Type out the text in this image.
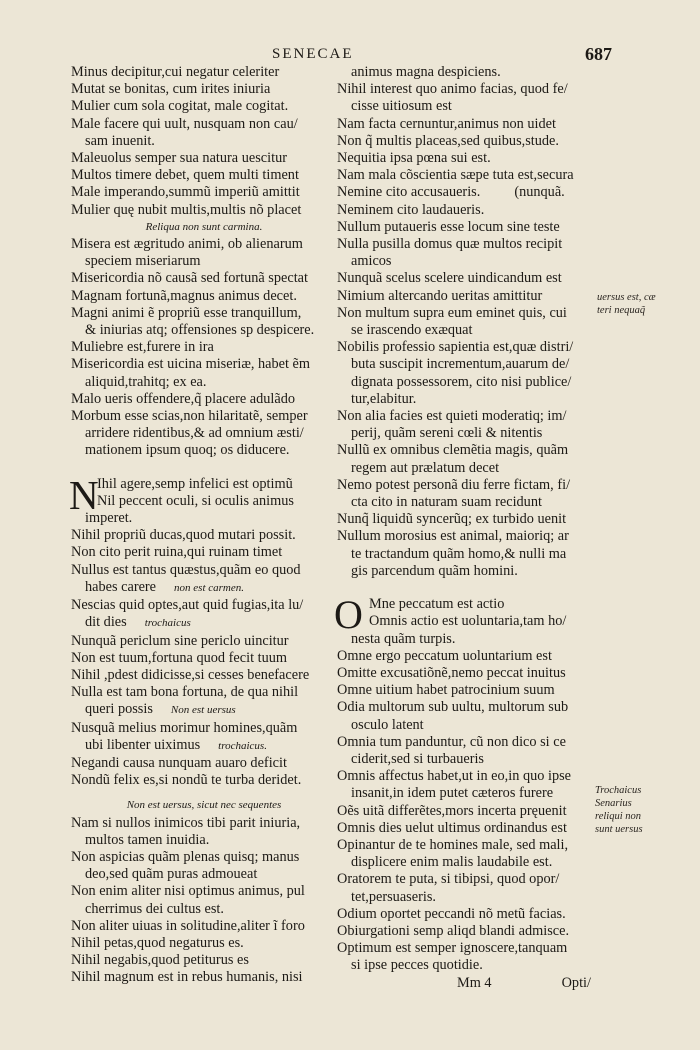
SENECAE	687
Minus decipitur,cui negatur celeriter
Mutat se bonitas, cum irites iniuria
Mulier cum sola cogitat, male cogitat.
Male facere qui uult, nusquam non cau/
sam inuenit.
Maleuolus semper sua natura uescitur
Multos timere debet, quem multi timent
Male imperando,summũ imperiũ amittit
Mulier quę nubit multis,multis nõ placet
Reliqua non sunt carmina.
Misera est ægritudo animi, ob alienarum
speciem miseriarum
Misericordia nõ causã sed fortunã spectat
Magnam fortunã,magnus animus decet.
Magni animi ẽ propriũ esse tranquillum,
& iniurias atq; offensiones sp despicere.
Muliebre est,furere in ira
Misericordia est uicina miseriæ, habet ẽm
aliquid,trahitq; ex ea.
Malo ueris offendere,q̃ placere adulãdo
Morbum esse scias,non hilaritatẽ, semper
arridere ridentibus,& ad omnium æsti/
mationem ipsum quoq; os diducere.
N
Ihil agere,semp infelici est optimũ
Nil peccent oculi, si oculis animus
imperet.
Nihil propriũ ducas,quod mutari possit.
Non cito perit ruina,qui ruinam timet
Nullus est tantus quæstus,quãm eo quod
habes carere non est carmen.
Nescias quid optes,aut quid fugias,ita lu/
dit dies trochaicus
Nunquã periclum sine periclo uincitur
Non est tuum,fortuna quod fecit tuum
Nihil ,pdest didicisse,si cesses benefacere
Nulla est tam bona fortuna, de qua nihil
queri possis Non est uersus
Nusquã melius morimur homines,quãm
ubi libenter uiximus trochaicus.
Negandi causa nunquam auaro deficit
Nondũ felix es,si nondũ te turba deridet.
Non est uersus, sicut nec sequentes
Nam si nullos inimicos tibi parit iniuria,
multos tamen inuidia.
Non aspicias quãm plenas quisq; manus
deo,sed quãm puras admoueat
Non enim aliter nisi optimus animus, pul
cherrimus dei cultus est.
Non aliter uiuas in solitudine,aliter ĩ foro
Nihil petas,quod negaturus es.
Nihil negabis,quod petiturus es
Nihil magnum est in rebus humanis, nisi
animus magna despiciens.
Nihil interest quo animo facias, quod fe/
cisse uitiosum est
Nam facta cernuntur,animus non uidet
Non q̃ multis placeas,sed quibus,stude.
Nequitia ipsa pœna sui est.
Nam mala cõscientia sæpe tuta est,secura
Nemine cito accusaueris. (nunquã.
Neminem cito laudaueris.
Nullum putaueris esse locum sine teste
Nulla pusilla domus quæ multos recipit
amicos
Nunquã scelus scelere uindicandum est
Nimium altercando ueritas amittitur
Non multum supra eum eminet quis, cui
se irascendo exæquat
Nobilis professio sapientia est,quæ distri/
buta suscipit incrementum,auarum de/
dignata possessorem, cito nisi publice/
tur,elabitur.
Non alia facies est quieti moderatiq; im/
perij, quãm sereni cœli & nitentis
Nullũ ex omnibus clemẽtia magis, quãm
regem aut prælatum decet
Nemo potest personã diu ferre fictam, fi/
cta cito in naturam suam recidunt
Nunq̃ liquidũ syncerũq; ex turbido uenit
Nullum morosius est animal, maioriq; ar
te tractandum quãm homo,& nulli ma
gis parcendum quãm homini.
O Mne peccatum est actio
Omnis actio est uoluntaria,tam ho/
nesta quãm turpis.
Omne ergo peccatum uoluntarium est
Omitte excusatiõnẽ,nemo peccat inuitus
Omne uitium habet patrocinium suum
Odia multorum sub uultu, multorum sub
osculo latent
Omnia tum panduntur, cũ non dico si ce
ciderit,sed si turbaueris
Omnis affectus habet,ut in eo,in quo ipse
insanit,in idem putet cæteros furere
Oẽs uitã differẽtes,mors incerta pręuenit
Omnis dies uelut ultimus ordinandus est
Opinantur de te homines male, sed mali,
displicere enim malis laudabile est.
Oratorem te puta, si tibipsi, quod opor/
tet,persuaseris.
Odium oportet peccandi nõ metũ facias.
Obiurgationi semp aliqd blandi admisce.
Optimum est semper ignoscere,tanquam
si ipse pecces quotidie.
Mm 4	Opti/
uersus est, cæ
teri nequaq̃
Trochaicus
Senarius
reliqui non
sunt uersus
